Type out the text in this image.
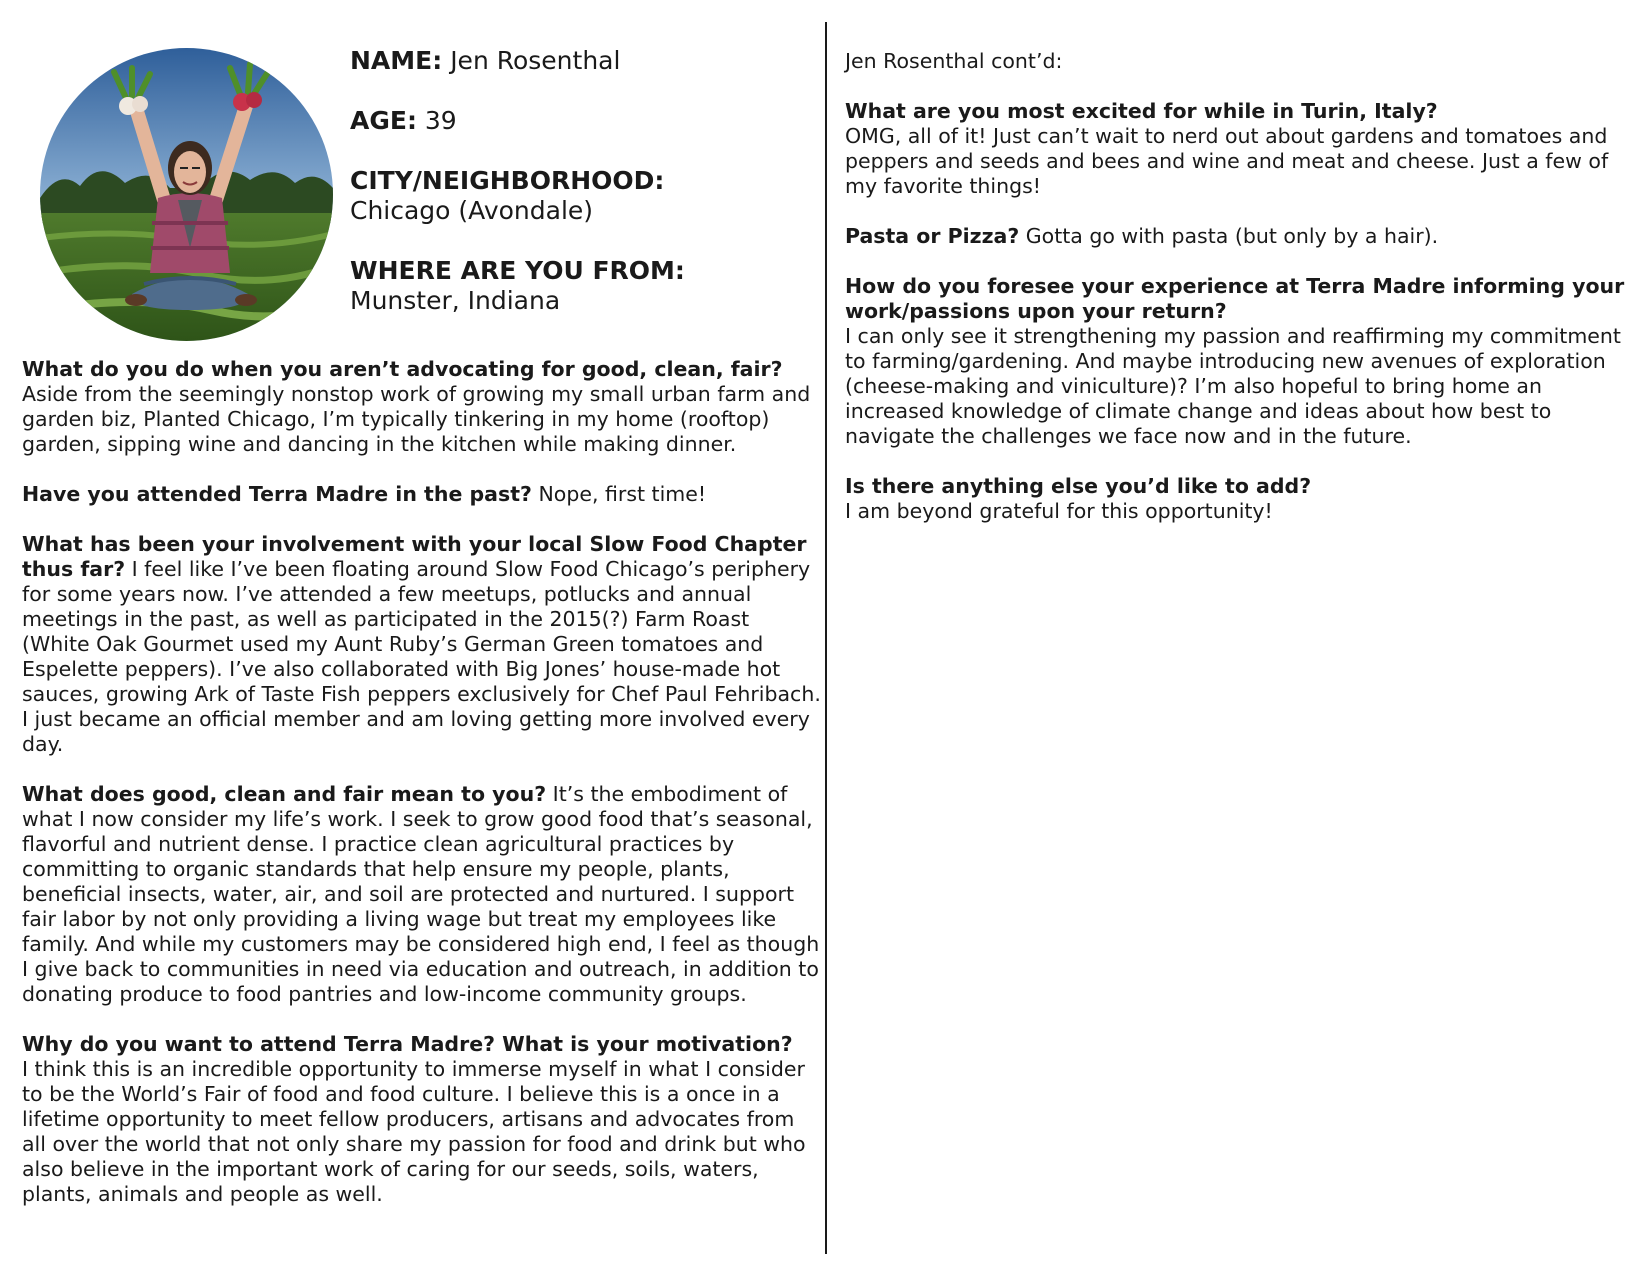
NAME: Jen Rosenthal
AGE: 39
CITY/NEIGHBORHOOD:
Chicago (Avondale)
WHERE ARE YOU FROM:
Munster, Indiana

What do you do when you aren’t advocating for good, clean, fair?
Aside from the seemingly nonstop work of growing my small urban farm and garden biz, Planted Chicago, I’m typically tinkering in my home (rooftop) garden, sipping wine and dancing in the kitchen while making dinner.

Have you attended Terra Madre in the past? Nope, first time!

What has been your involvement with your local Slow Food Chapter thus far? I feel like I’ve been floating around Slow Food Chicago’s periphery for some years now. I’ve attended a few meetups, potlucks and annual meetings in the past, as well as participated in the 2015(?) Farm Roast (White Oak Gourmet used my Aunt Ruby’s German Green tomatoes and Espelette peppers). I’ve also collaborated with Big Jones’ house-made hot sauces, growing Ark of Taste Fish peppers exclusively for Chef Paul Fehribach. I just became an official member and am loving getting more involved every day.

What does good, clean and fair mean to you? It’s the embodiment of what I now consider my life’s work. I seek to grow good food that’s seasonal, flavorful and nutrient dense. I practice clean agricultural practices by committing to organic standards that help ensure my people, plants, beneficial insects, water, air, and soil are protected and nurtured. I support fair labor by not only providing a living wage but treat my employees like family. And while my customers may be considered high end, I feel as though I give back to communities in need via education and outreach, in addition to donating produce to food pantries and low-income community groups.

Why do you want to attend Terra Madre? What is your motivation?
I think this is an incredible opportunity to immerse myself in what I consider to be the World’s Fair of food and food culture. I believe this is a once in a lifetime opportunity to meet fellow producers, artisans and advocates from all over the world that not only share my passion for food and drink but who also believe in the important work of caring for our seeds, soils, waters, plants, animals and people as well.

Jen Rosenthal cont’d:

What are you most excited for while in Turin, Italy?
OMG, all of it! Just can’t wait to nerd out about gardens and tomatoes and peppers and seeds and bees and wine and meat and cheese. Just a few of my favorite things!

Pasta or Pizza? Gotta go with pasta (but only by a hair).

How do you foresee your experience at Terra Madre informing your work/passions upon your return?
I can only see it strengthening my passion and reaffirming my commitment to farming/gardening. And maybe introducing new avenues of exploration (cheese-making and viniculture)? I’m also hopeful to bring home an increased knowledge of climate change and ideas about how best to navigate the challenges we face now and in the future.

Is there anything else you’d like to add?
I am beyond grateful for this opportunity!
